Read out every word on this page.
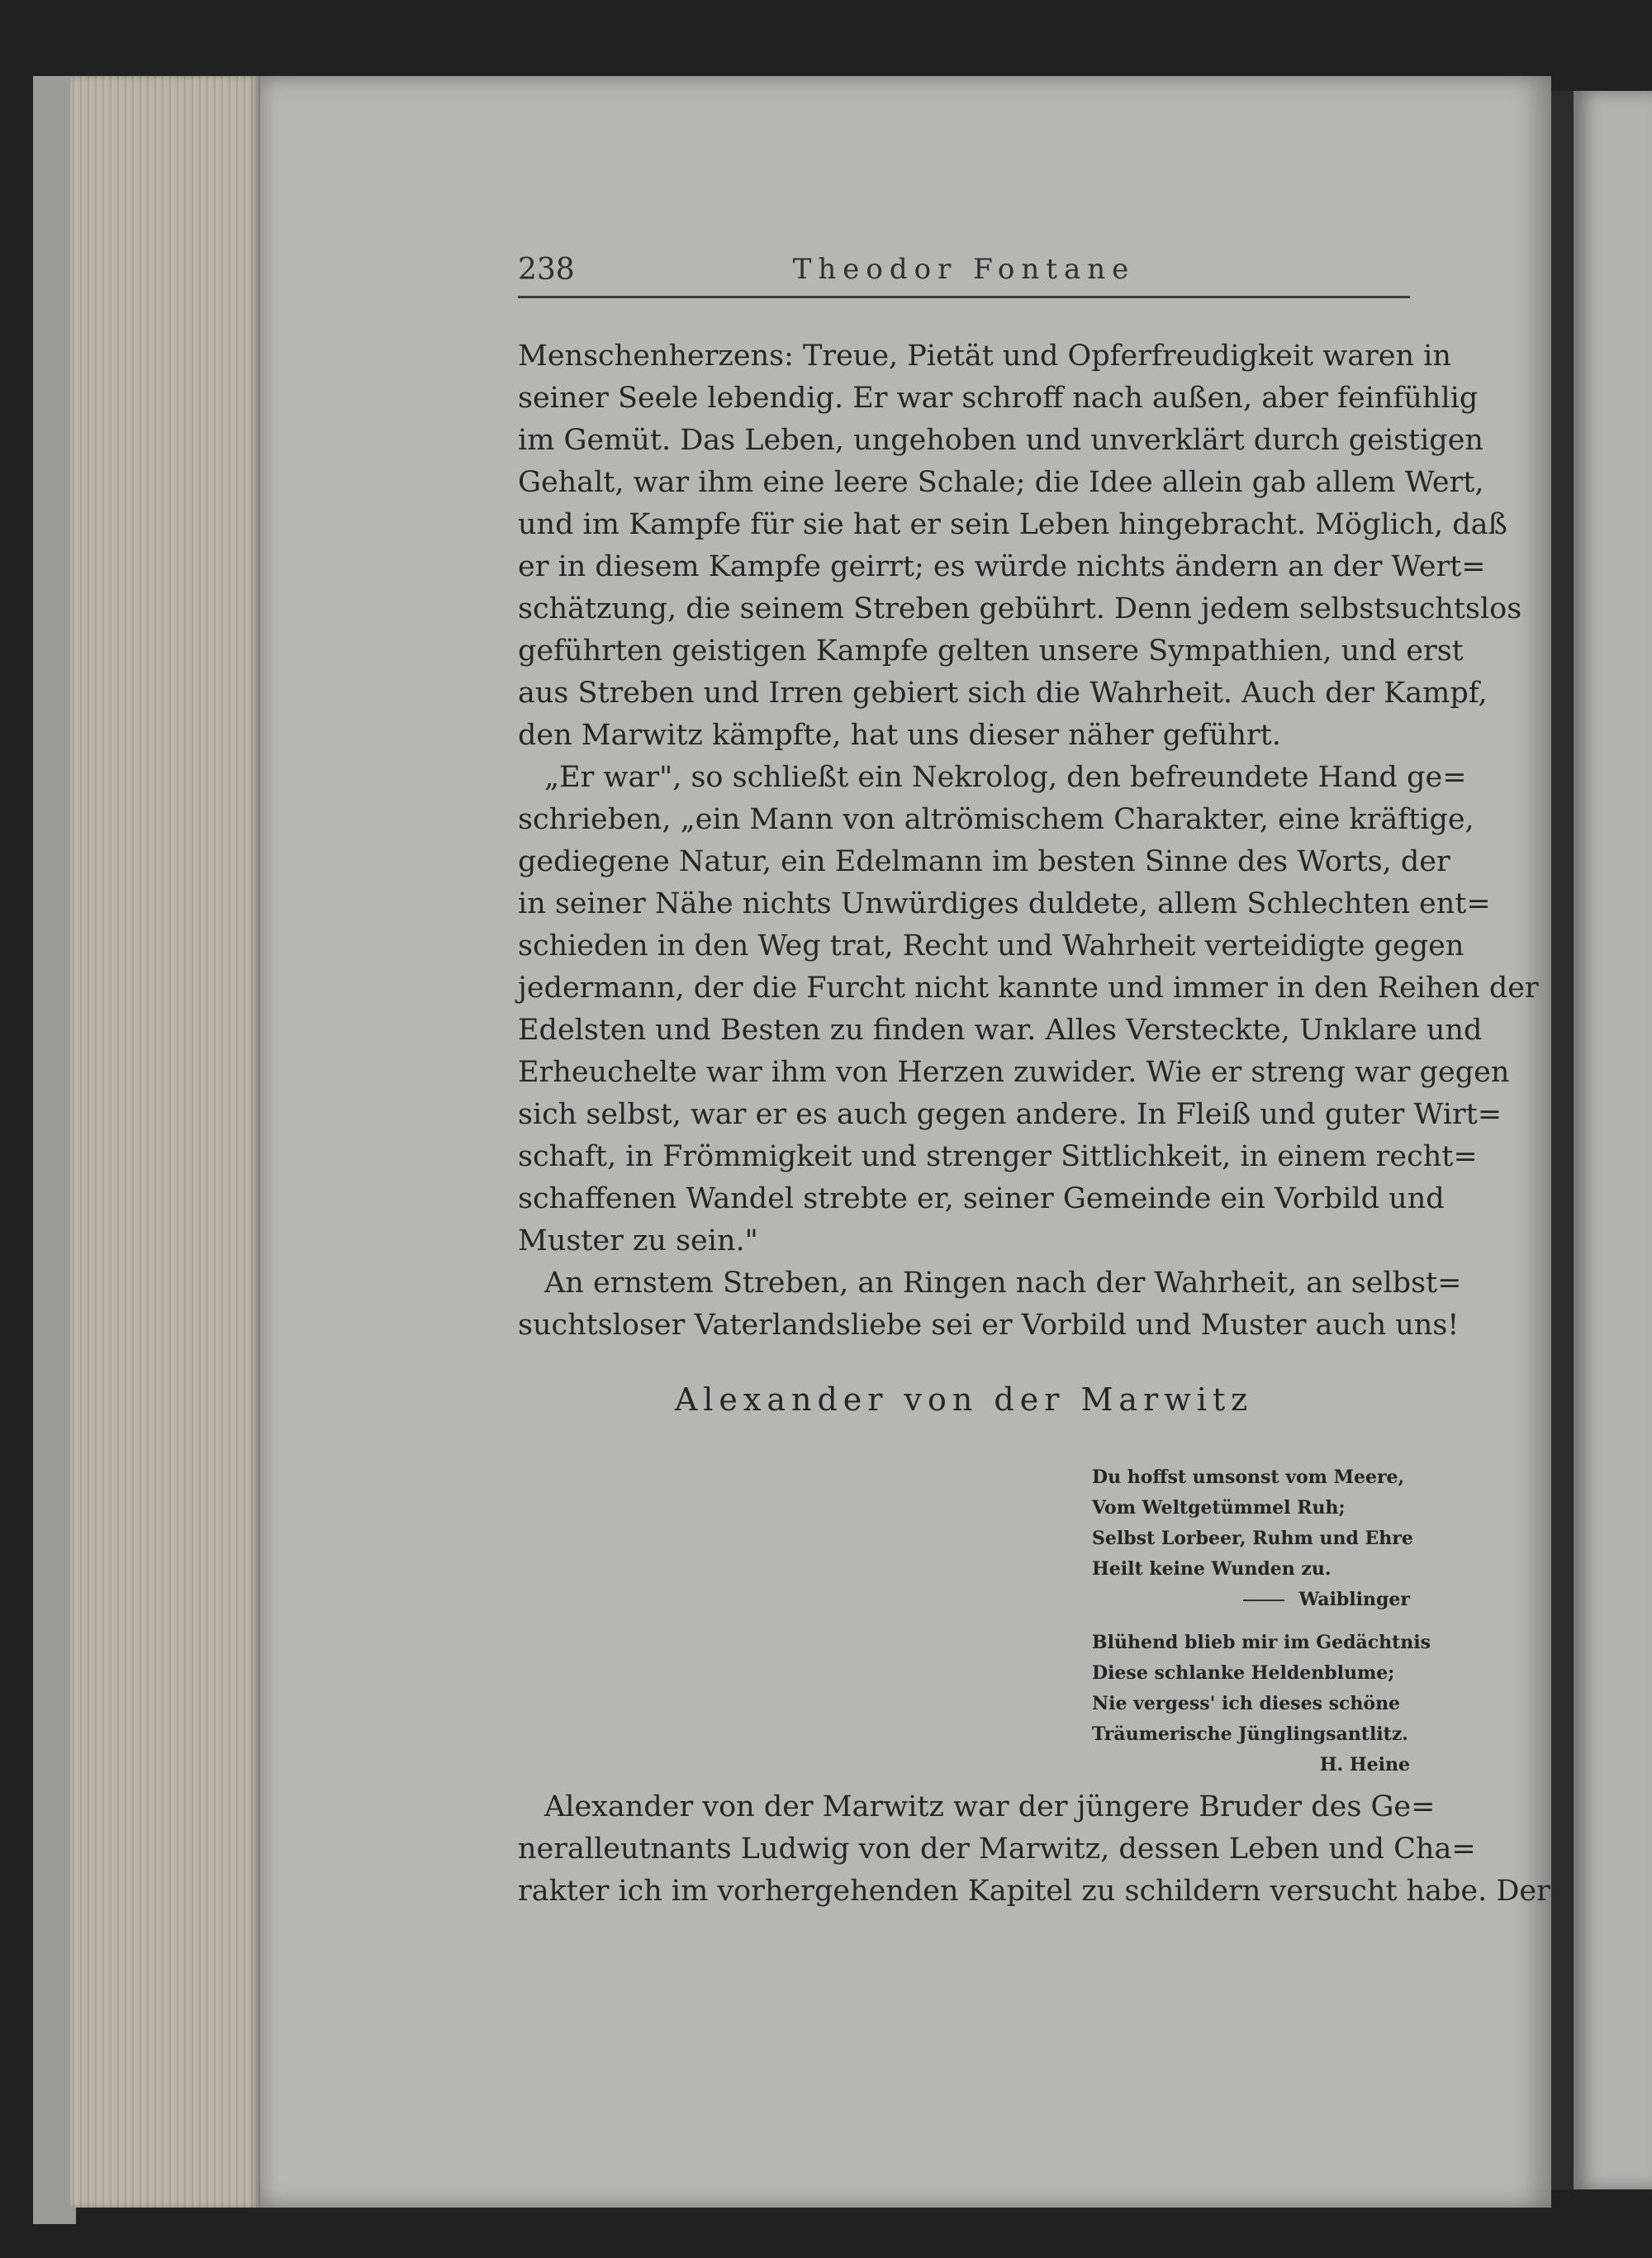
238	Theodor Fontane
Menschenherzens: Treue, Pietät und Opferfreudigkeit waren in
seiner Seele lebendig. Er war schroff nach außen, aber feinfühlig
im Gemüt. Das Leben, ungehoben und unverklärt durch geistigen
Gehalt, war ihm eine leere Schale; die Idee allein gab allem Wert,
und im Kampfe für sie hat er sein Leben hingebracht. Möglich, daß
er in diesem Kampfe geirrt; es würde nichts ändern an der Wert=
schätzung, die seinem Streben gebührt. Denn jedem selbstsuchtslos
geführten geistigen Kampfe gelten unsere Sympathien, und erst
aus Streben und Irren gebiert sich die Wahrheit. Auch der Kampf,
den Marwitz kämpfte, hat uns dieser näher geführt.
„Er war", so schließt ein Nekrolog, den befreundete Hand ge=
schrieben, „ein Mann von altrömischem Charakter, eine kräftige,
gediegene Natur, ein Edelmann im besten Sinne des Worts, der
in seiner Nähe nichts Unwürdiges duldete, allem Schlechten ent=
schieden in den Weg trat, Recht und Wahrheit verteidigte gegen
jedermann, der die Furcht nicht kannte und immer in den Reihen der
Edelsten und Besten zu finden war. Alles Versteckte, Unklare und
Erheuchelte war ihm von Herzen zuwider. Wie er streng war gegen
sich selbst, war er es auch gegen andere. In Fleiß und guter Wirt=
schaft, in Frömmigkeit und strenger Sittlichkeit, in einem recht=
schaffenen Wandel strebte er, seiner Gemeinde ein Vorbild und
Muster zu sein."
An ernstem Streben, an Ringen nach der Wahrheit, an selbst=
suchtsloser Vaterlandsliebe sei er Vorbild und Muster auch uns!
Alexander von der Marwitz
Du hoffst umsonst vom Meere,
Vom Weltgetümmel Ruh;
Selbst Lorbeer, Ruhm und Ehre
Heilt keine Wunden zu.
Waiblinger
Blühend blieb mir im Gedächtnis
Diese schlanke Heldenblume;
Nie vergess' ich dieses schöne
Träumerische Jünglingsantlitz.
H. Heine
Alexander von der Marwitz war der jüngere Bruder des Ge=
neralleutnants Ludwig von der Marwitz, dessen Leben und Cha=
rakter ich im vorhergehenden Kapitel zu schildern versucht habe. Der
